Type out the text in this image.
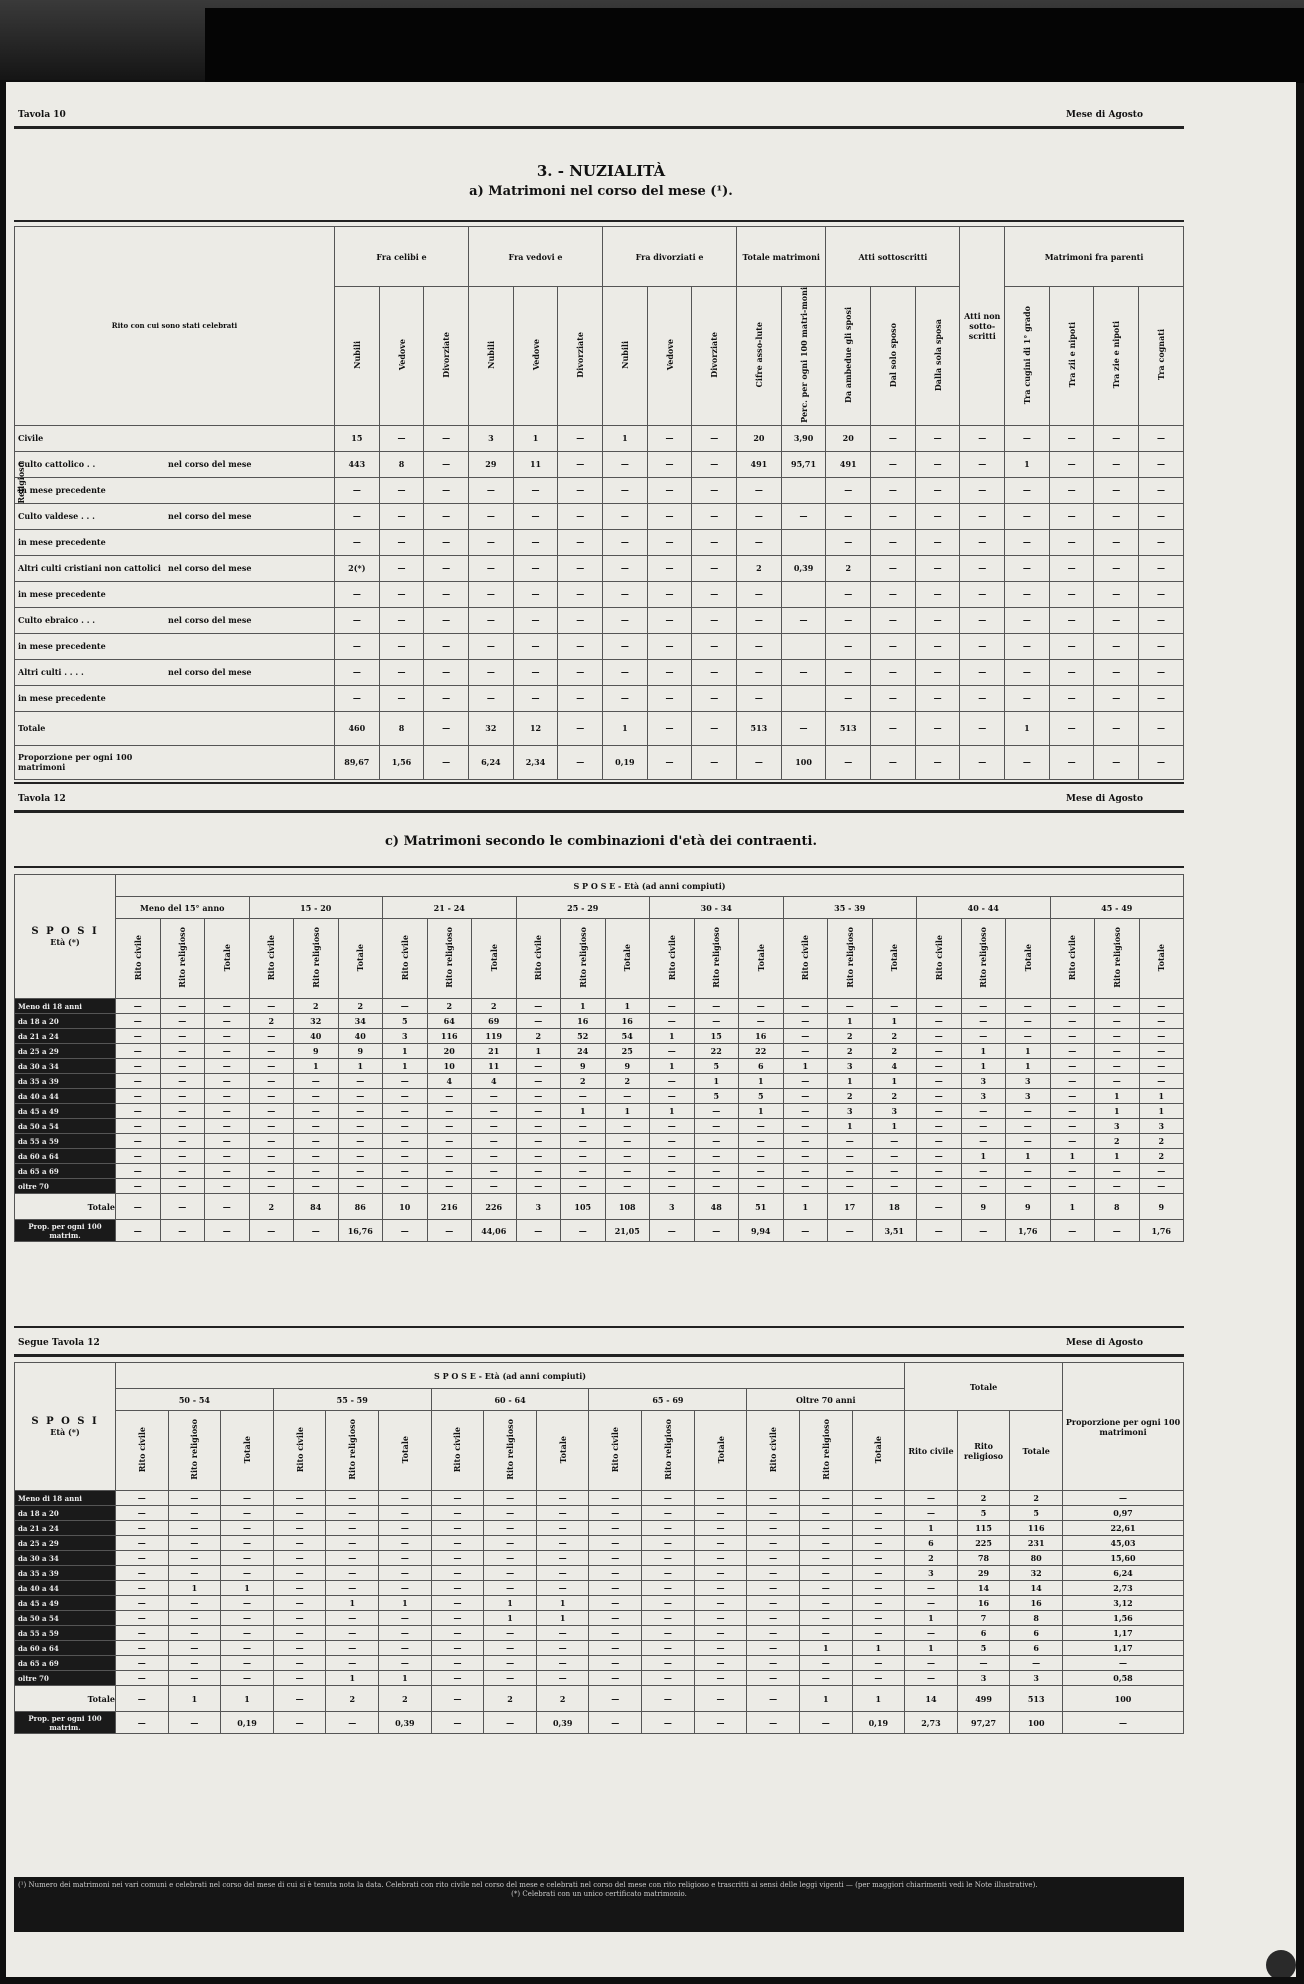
Tavola 10	Mese di Agosto
3. - NUZIALITÀ
a) Matrimoni nel corso del mese (¹).
Rito con cui sono stati celebrati	Fra celibi e			Fra vedovi e			Fra divorziati e			Totale matrimoni		Atti sottoscritti			Atti non sotto-scritti	Matrimoni fra parenti			
	Nubili	Vedove	Divorziate	Nubili	Vedove	Divorziate	Nubili	Vedove	Divorziate	Cifre asso-lute	Perc. per ogni 100 matri-moni	Da ambedue gli sposi	Dal solo sposo	Dalla sola sposa		Tra cugini di 1° grado	Tra zii e nipoti	Tra zie e nipoti	Tra cognati
Civile	15	—	—	3	1	—	1	—	—	20	3,90	20	—	—	—	—	—	—	—
Culto cattolico . . nel corso del mese	443	8	—	29	11	—	—	—	—	491	95,71	491	—	—	—	1	—	—	—
in mese precedente	—	—	—	—	—	—	—	—	—	—		—	—	—	—	—	—	—	—
Culto valdese . . . nel corso del mese	—	—	—	—	—	—	—	—	—	—	—	—	—	—	—	—	—	—	—
in mese precedente	—	—	—	—	—	—	—	—	—	—		—	—	—	—	—	—	—	—
Altri culti cristiani non cattolici nel corso del mese	2(*)	—	—	—	—	—	—	—	—	2	0,39	2	—	—	—	—	—	—	—
in mese precedente	—	—	—	—	—	—	—	—	—	—		—	—	—	—	—	—	—	—
Culto ebraico . . . nel corso del mese	—	—	—	—	—	—	—	—	—	—	—	—	—	—	—	—	—	—	—
in mese precedente	—	—	—	—	—	—	—	—	—	—		—	—	—	—	—	—	—	—
Altri culti . . . . nel corso del mese	—	—	—	—	—	—	—	—	—	—	—	—	—	—	—	—	—	—	—
in mese precedente	—	—	—	—	—	—	—	—	—	—		—	—	—	—	—	—	—	—
Totale	460	8	—	32	12	—	1	—	—	513	—	513	—	—	—	1	—	—	—
Proporzione per ogni 100 matrimoni	89,67	1,56	—	6,24	2,34	—	0,19	—	—	—	100	—	—	—	—	—	—	—	—
Tavola 12	Mese di Agosto
c) Matrimoni secondo le combinazioni d'età dei contraenti.
S P O S I
Età (*)	S P O S E - Età (ad anni compiuti)																							
	Meno del 15° anno			15 - 20			21 - 24			25 - 29			30 - 34			35 - 39			40 - 44			45 - 49		
	Rito civile	Rito religioso	Totale	Rito civile	Rito religioso	Totale	Rito civile	Rito religioso	Totale	Rito civile	Rito religioso	Totale	Rito civile	Rito religioso	Totale	Rito civile	Rito religioso	Totale	Rito civile	Rito religioso	Totale	Rito civile	Rito religioso	Totale
Meno di 18 anni	—	—	—	—	2	2	—	2	2	—	1	1	—	—	—	—	—	—	—	—	—	—	—	—
da 18 a 20	—	—	—	2	32	34	5	64	69	—	16	16	—	—	—	—	1	1	—	—	—	—	—	—
da 21 a 24	—	—	—	—	40	40	3	116	119	2	52	54	1	15	16	—	2	2	—	—	—	—	—	—
da 25 a 29	—	—	—	—	9	9	1	20	21	1	24	25	—	22	22	—	2	2	—	1	1	—	—	—
da 30 a 34	—	—	—	—	1	1	1	10	11	—	9	9	1	5	6	1	3	4	—	1	1	—	—	—
da 35 a 39	—	—	—	—	—	—	—	4	4	—	2	2	—	1	1	—	1	1	—	3	3	—	—	—
da 40 a 44	—	—	—	—	—	—	—	—	—	—	—	—	—	5	5	—	2	2	—	3	3	—	1	1
da 45 a 49	—	—	—	—	—	—	—	—	—	—	1	1	1	—	1	—	3	3	—	—	—	—	1	1
da 50 a 54	—	—	—	—	—	—	—	—	—	—	—	—	—	—	—	—	1	1	—	—	—	—	3	3
da 55 a 59	—	—	—	—	—	—	—	—	—	—	—	—	—	—	—	—	—	—	—	—	—	—	2	2
da 60 a 64	—	—	—	—	—	—	—	—	—	—	—	—	—	—	—	—	—	—	—	1	1	1	1	2
da 65 a 69	—	—	—	—	—	—	—	—	—	—	—	—	—	—	—	—	—	—	—	—	—	—	—	—
oltre 70	—	—	—	—	—	—	—	—	—	—	—	—	—	—	—	—	—	—	—	—	—	—	—	—
Totale	—	—	—	2	84	86	10	216	226	3	105	108	3	48	51	1	17	18	—	9	9	1	8	9
Prop. per ogni 100 matrim.	—	—	—	—	—	16,76	—	—	44,06	—	—	21,05	—	—	9,94	—	—	3,51	—	—	1,76	—	—	1,76
Segue Tavola 12	Mese di Agosto
S P O S I
Età (*)	S P O S E - Età (ad anni compiuti)															Totale			Proporzione per ogni 100 matrimoni
	50 - 54			55 - 59			60 - 64			65 - 69			Oltre 70 anni						
	Rito civile	Rito religioso	Totale	Rito civile	Rito religioso	Totale	Rito civile	Rito religioso	Totale	Rito civile	Rito religioso	Totale	Rito civile	Rito religioso	Totale	Rito civile	Rito religioso	Totale	
Meno di 18 anni	—	—	—	—	—	—	—	—	—	—	—	—	—	—	—	—	2	2	—
da 18 a 20	—	—	—	—	—	—	—	—	—	—	—	—	—	—	—	—	5	5	0,97
da 21 a 24	—	—	—	—	—	—	—	—	—	—	—	—	—	—	—	1	115	116	22,61
da 25 a 29	—	—	—	—	—	—	—	—	—	—	—	—	—	—	—	6	225	231	45,03
da 30 a 34	—	—	—	—	—	—	—	—	—	—	—	—	—	—	—	2	78	80	15,60
da 35 a 39	—	—	—	—	—	—	—	—	—	—	—	—	—	—	—	3	29	32	6,24
da 40 a 44	—	1	1	—	—	—	—	—	—	—	—	—	—	—	—	—	14	14	2,73
da 45 a 49	—	—	—	—	1	1	—	1	1	—	—	—	—	—	—	—	16	16	3,12
da 50 a 54	—	—	—	—	—	—	—	1	1	—	—	—	—	—	—	1	7	8	1,56
da 55 a 59	—	—	—	—	—	—	—	—	—	—	—	—	—	—	—	—	6	6	1,17
da 60 a 64	—	—	—	—	—	—	—	—	—	—	—	—	—	1	1	1	5	6	1,17
da 65 a 69	—	—	—	—	—	—	—	—	—	—	—	—	—	—	—	—	—	—	—
oltre 70	—	—	—	—	1	1	—	—	—	—	—	—	—	—	—	—	3	3	0,58
Totale	—	1	1	—	2	2	—	2	2	—	—	—	—	1	1	14	499	513	100
Prop. per ogni 100 matrim.	—	—	0,19	—	—	0,39	—	—	0,39	—	—	—	—	—	0,19	2,73	97,27	100	—
(¹) Numero dei matrimoni nei vari comuni e celebrati nel corso del mese di cui si è tenuta nota la data. Celebrati con rito civile nel corso del mese e celebrati nel corso del mese con rito religioso e trascritti ai sensi delle leggi vigenti — (per maggiori chiarimenti vedi le Note illustrative).
(*) Celebrati con un unico certificato matrimonio.
Religioso
